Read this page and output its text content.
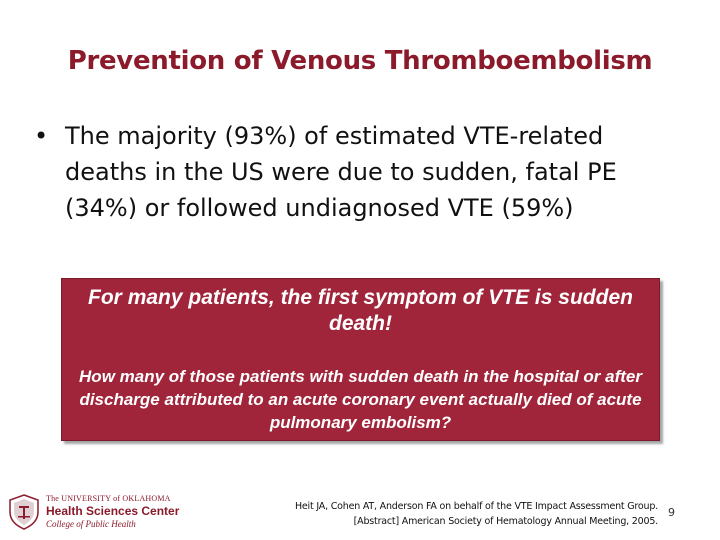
Prevention of Venous Thromboembolism
• The majority (93%) of estimated VTE-related deaths in the US were due to sudden, fatal PE (34%) or followed undiagnosed VTE (59%)
For many patients, the first symptom of VTE is sudden death!
How many of those patients with sudden death in the hospital or after discharge attributed to an acute coronary event actually died of acute pulmonary embolism?
The UNIVERSITY of OKLAHOMA
Health Sciences Center
College of Public Health
Heit JA, Cohen AT, Anderson FA on behalf of the VTE Impact Assessment Group.
[Abstract] American Society of Hematology Annual Meeting, 2005.
9
